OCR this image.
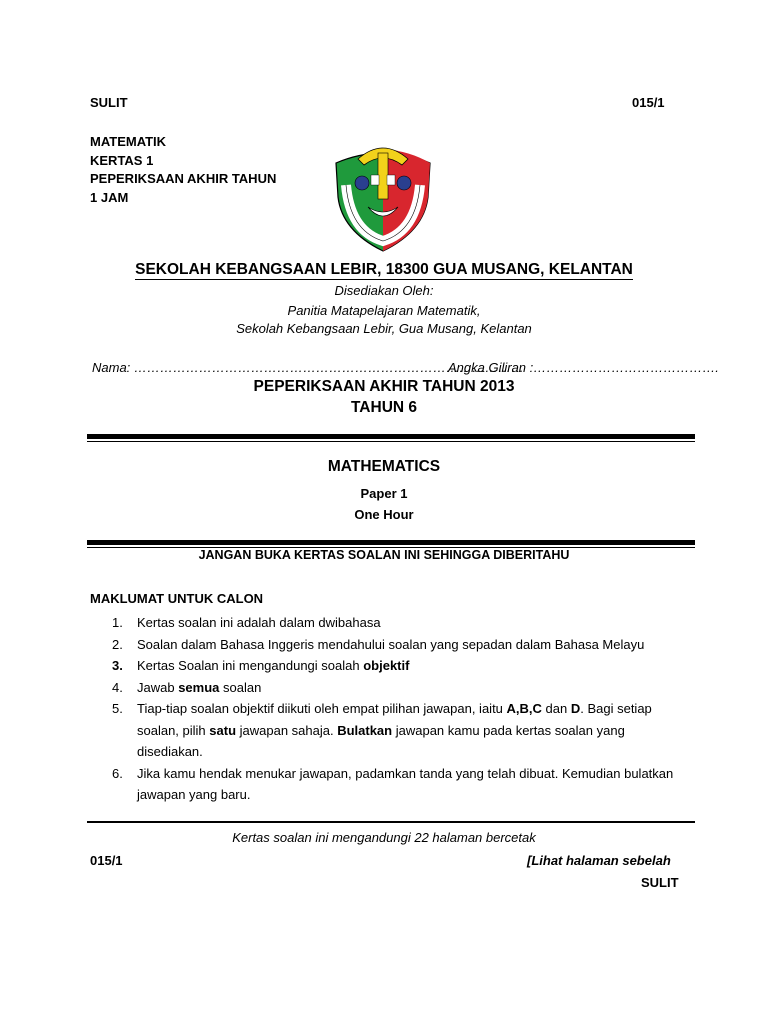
SULIT	015/1
MATEMATIK
KERTAS 1
PEPERIKSAAN AKHIR TAHUN
1 JAM
SEKOLAH KEBANGSAAN LEBIR, 18300 GUA MUSANG, KELANTAN
Disediakan Oleh:
Panitia Matapelajaran Matematik,
Sekolah Kebangsaan Lebir, Gua Musang, Kelantan
Nama: ………………………………………………………………………………
Angka Giliran :…………………………………….
PEPERIKSAAN AKHIR TAHUN 2013
TAHUN 6
MATHEMATICS
Paper 1
One Hour
JANGAN BUKA KERTAS SOALAN INI SEHINGGA DIBERITAHU
MAKLUMAT UNTUK CALON
1. Kertas soalan ini adalah dalam dwibahasa
2. Soalan dalam Bahasa Inggeris mendahului soalan yang sepadan dalam Bahasa Melayu
3. Kertas Soalan ini mengandungi soalah objektif
4. Jawab semua soalan
5. Tiap-tiap soalan objektif diikuti oleh empat pilihan jawapan, iaitu A,B,C dan D. Bagi setiap soalan, pilih satu jawapan sahaja. Bulatkan jawapan kamu pada kertas soalan yang disediakan.
6. Jika kamu hendak menukar jawapan, padamkan tanda yang telah dibuat. Kemudian bulatkan jawapan yang baru.
Kertas soalan ini mengandungi 22 halaman bercetak
015/1	[Lihat halaman sebelah
SULIT
